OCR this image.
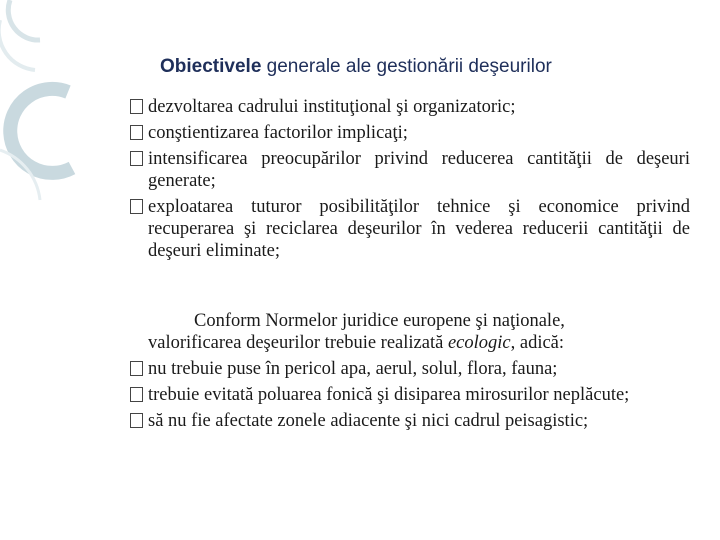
Obiectivele generale ale gestionării deşeurilor

dezvoltarea cadrului instituţional şi organizatoric;

conştientizarea factorilor implicaţi;

intensificarea preocupărilor privind reducerea cantităţii de deşeuri generate;

exploatarea tuturor posibilităţilor tehnice şi economice privind recuperarea şi reciclarea deşeurilor în vederea reducerii cantităţii de deşeuri eliminate;

Conform Normelor juridice europene şi naţionale,
valorificarea deşeurilor trebuie realizată ecologic, adică:

nu trebuie puse în pericol apa, aerul, solul, flora, fauna;

trebuie evitată poluarea fonică şi disiparea mirosurilor neplăcute;

să nu fie afectate zonele adiacente şi nici cadrul peisagistic;
